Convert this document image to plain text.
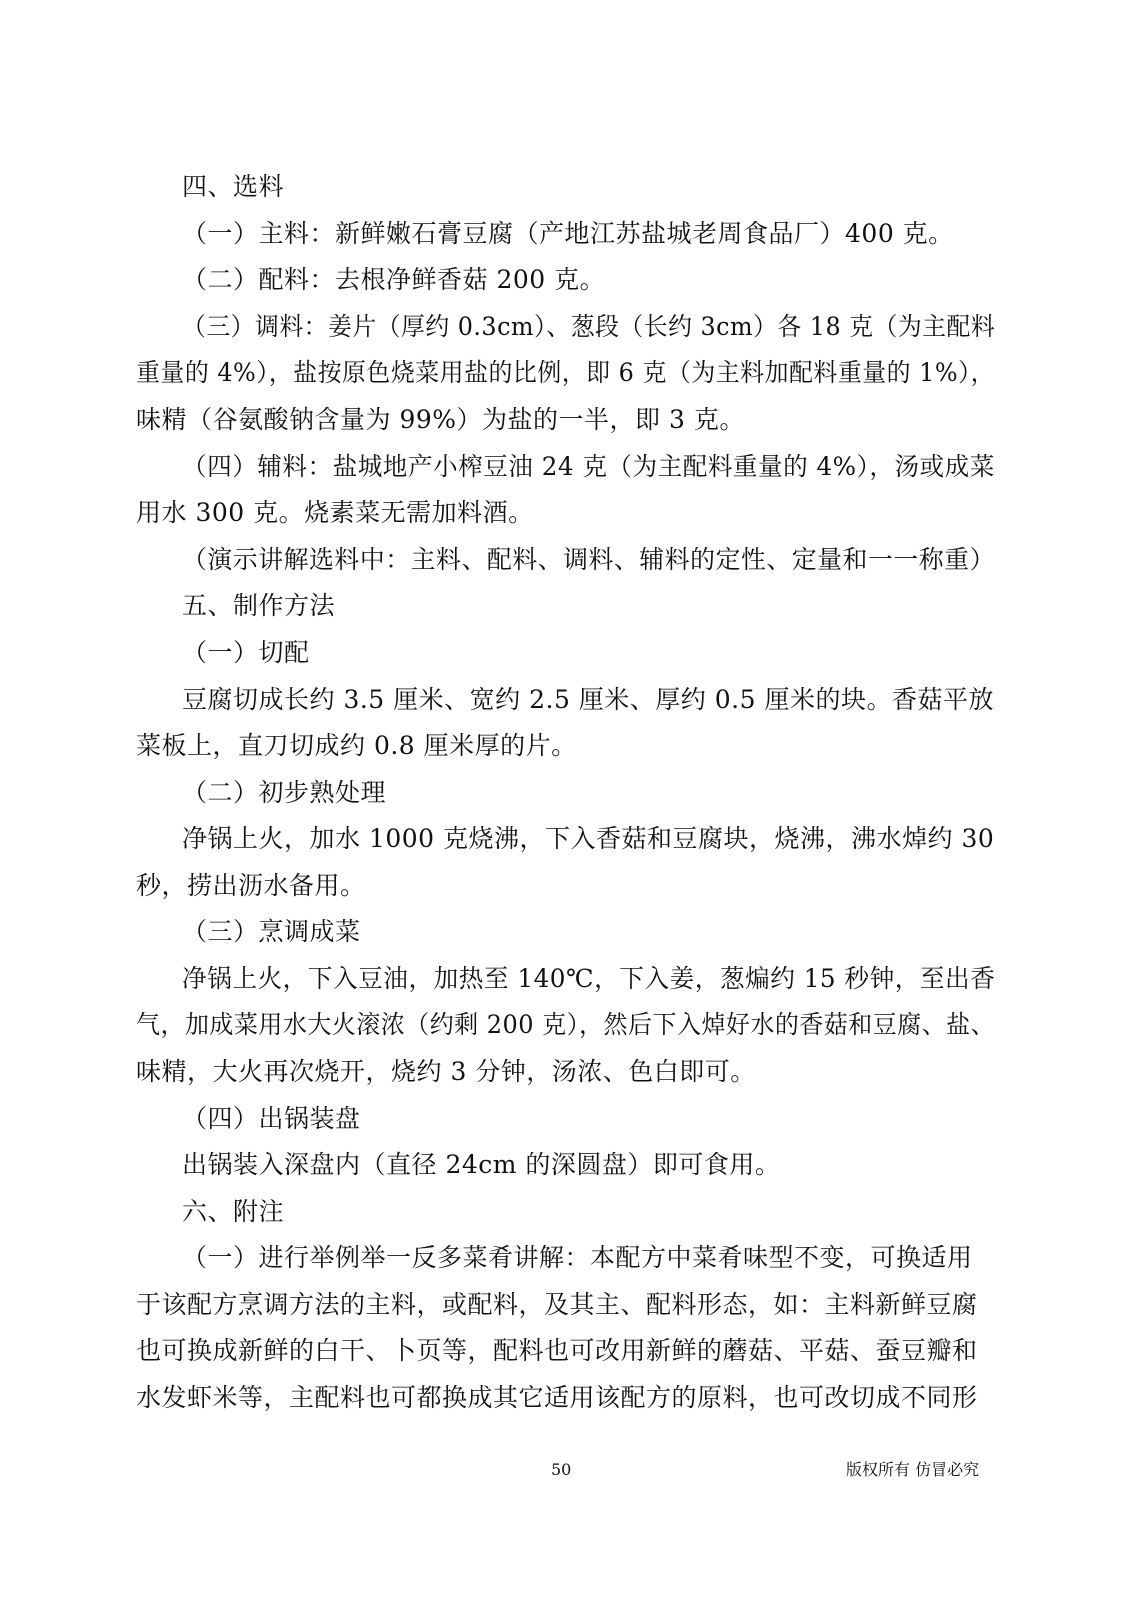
四、选料
（一）主料：新鲜嫩石膏豆腐（产地江苏盐城老周食品厂）400 克。
（二）配料：去根净鲜香菇 200 克。
（三）调料：姜片（厚约 0.3cm）、葱段（长约 3cm）各 18 克（为主配料
重量的 4%），盐按原色烧菜用盐的比例，即 6 克（为主料加配料重量的 1%），
味精（谷氨酸钠含量为 99%）为盐的一半，即 3 克。
（四）辅料：盐城地产小榨豆油 24 克（为主配料重量的 4%），汤或成菜
用水 300 克。烧素菜无需加料酒。
（演示讲解选料中：主料、配料、调料、辅料的定性、定量和一一称重）
五、制作方法
（一）切配
豆腐切成长约 3.5 厘米、宽约 2.5 厘米、厚约 0.5 厘米的块。香菇平放
菜板上，直刀切成约 0.8 厘米厚的片。
（二）初步熟处理
净锅上火，加水 1000 克烧沸，下入香菇和豆腐块，烧沸，沸水焯约 30
秒，捞出沥水备用。
（三）烹调成菜
净锅上火，下入豆油，加热至 140℃，下入姜，葱煸约 15 秒钟，至出香
气，加成菜用水大火滚浓（约剩 200 克），然后下入焯好水的香菇和豆腐、盐、
味精，大火再次烧开，烧约 3 分钟，汤浓、色白即可。
（四）出锅装盘
出锅装入深盘内（直径 24cm 的深圆盘）即可食用。
六、附注
（一）进行举例举一反多菜肴讲解：本配方中菜肴味型不变，可换适用
于该配方烹调方法的主料，或配料，及其主、配料形态，如：主料新鲜豆腐
也可换成新鲜的白干、卜页等，配料也可改用新鲜的蘑菇、平菇、蚕豆瓣和
水发虾米等，主配料也可都换成其它适用该配方的原料，也可改切成不同形
50	版权所有 仿冒必究
